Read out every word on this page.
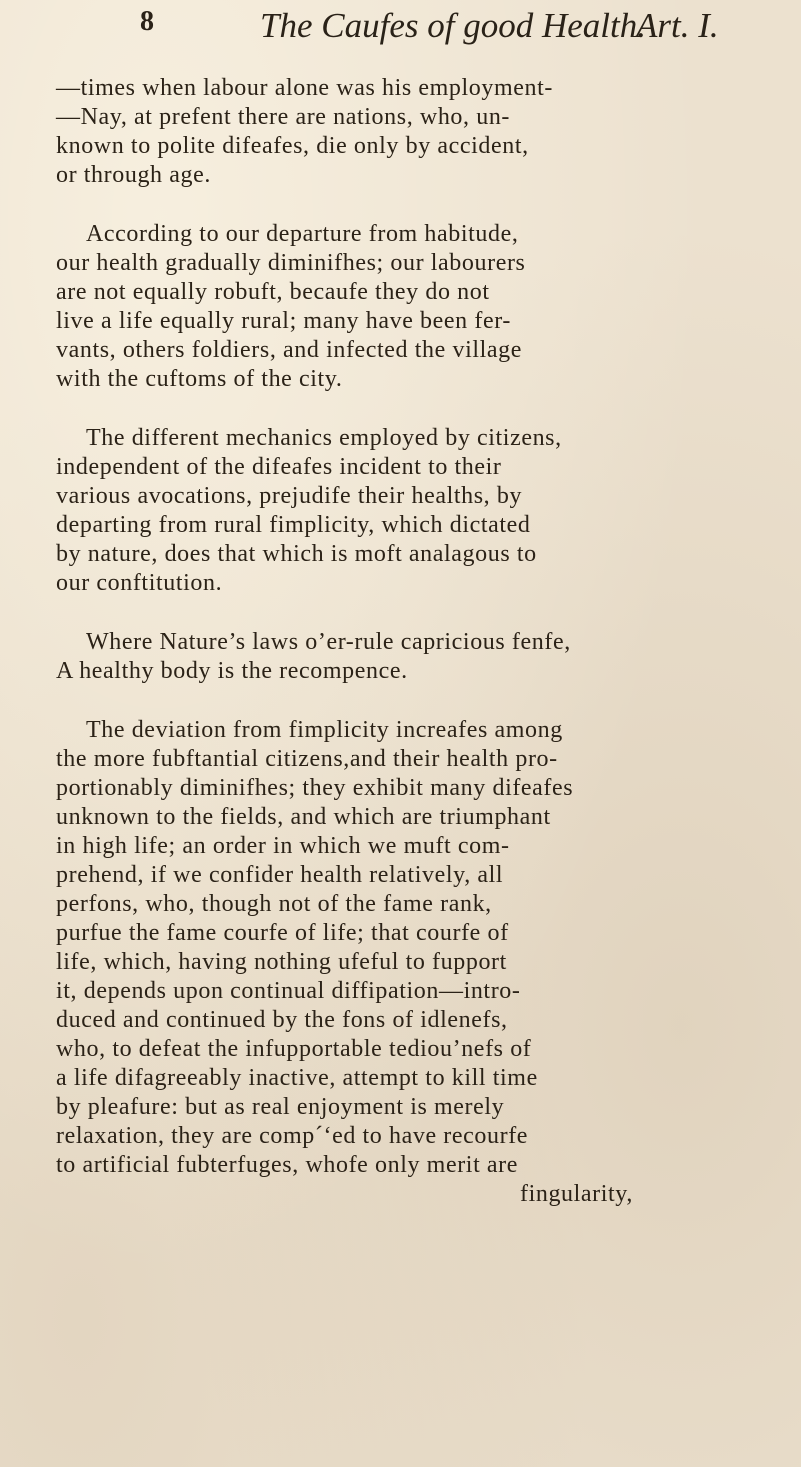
8	The Caufes of good Health.
Art. I.
—times when labour alone was his employment-
—Nay, at prefent there are nations, who, un-
known to polite difeafes, die only by accident,
or through age.
According to our departure from habitude,
our health gradually diminifhes; our labourers
are not equally robuft, becaufe they do not
live a life equally rural; many have been fer-
vants, others foldiers, and infected the village
with the cuftoms of the city.
The different mechanics employed by citizens,
independent of the difeafes incident to their
various avocations, prejudife their healths, by
departing from rural fimplicity, which dictated
by nature, does that which is moft analagous to
our conftitution.
Where Nature’s laws o’er-rule capricious fenfe,
A healthy body is the recompence.
The deviation from fimplicity increafes among
the more fubftantial citizens,and their health pro-
portionably diminifhes; they exhibit many difeafes
unknown to the fields, and which are triumphant
in high life; an order in which we muft com-
prehend, if we confider health relatively, all
perfons, who, though not of the fame rank,
purfue the fame courfe of life; that courfe of
life, which, having nothing ufeful to fupport
it, depends upon continual diffipation—intro-
duced and continued by the fons of idlenefs,
who, to defeat the infupportable tediou’nefs of
a life difagreeably inactive, attempt to kill time
by pleafure: but as real enjoyment is merely
relaxation, they are comp´‘ed to have recourfe
to artificial fubterfuges, whofe only merit are
fingularity,
